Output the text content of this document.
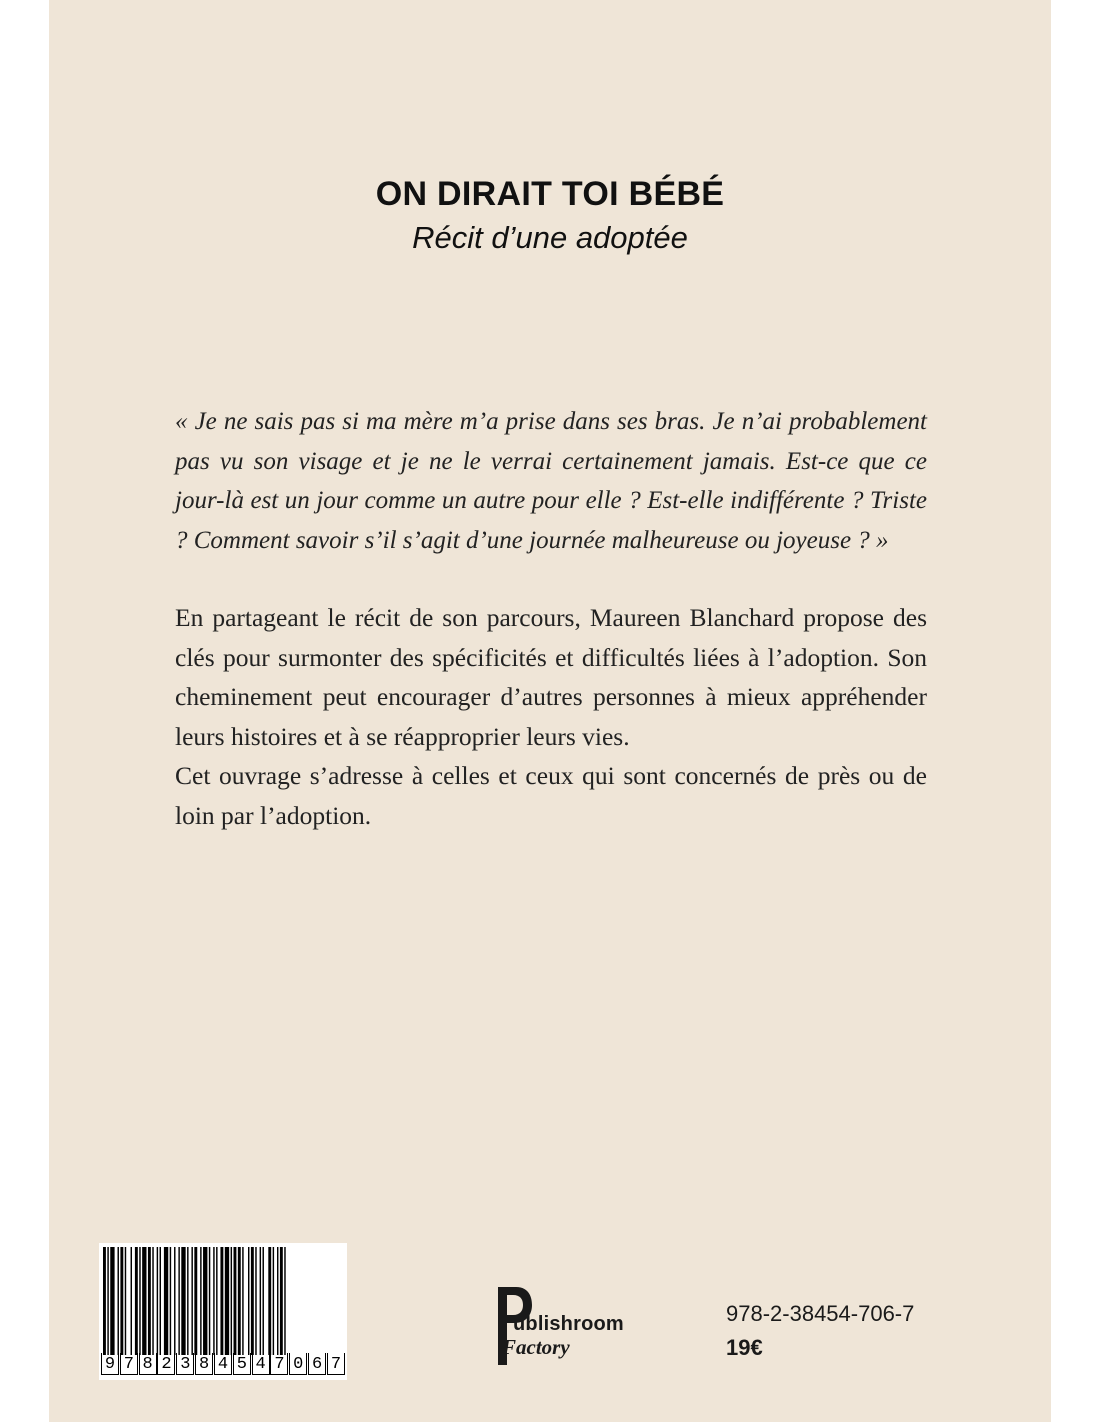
ON DIRAIT TOI BÉBÉ

Récit d’une adoptée

« Je ne sais pas si ma mère m’a prise dans ses bras. Je n’ai probablement pas vu son visage et je ne le verrai certainement jamais. Est-ce que ce jour-là est un jour comme un autre pour elle ? Est-elle indifférente ? Triste ? Comment savoir s’il s’agit d’une journée malheureuse ou joyeuse ? »

En partageant le récit de son parcours, Maureen Blanchard propose des clés pour surmonter des spécificités et difficultés liées à l’adoption. Son cheminement peut encourager d’autres personnes à mieux appréhender leurs histoires et à se réapproprier leurs vies.

Cet ouvrage s’adresse à celles et ceux qui sont concernés de près ou de loin par l’adoption.

9 7 8 2 3 8 4 5 4 7 0 6 7
ublishroom
Factory
978-2-38454-706-7
19€
